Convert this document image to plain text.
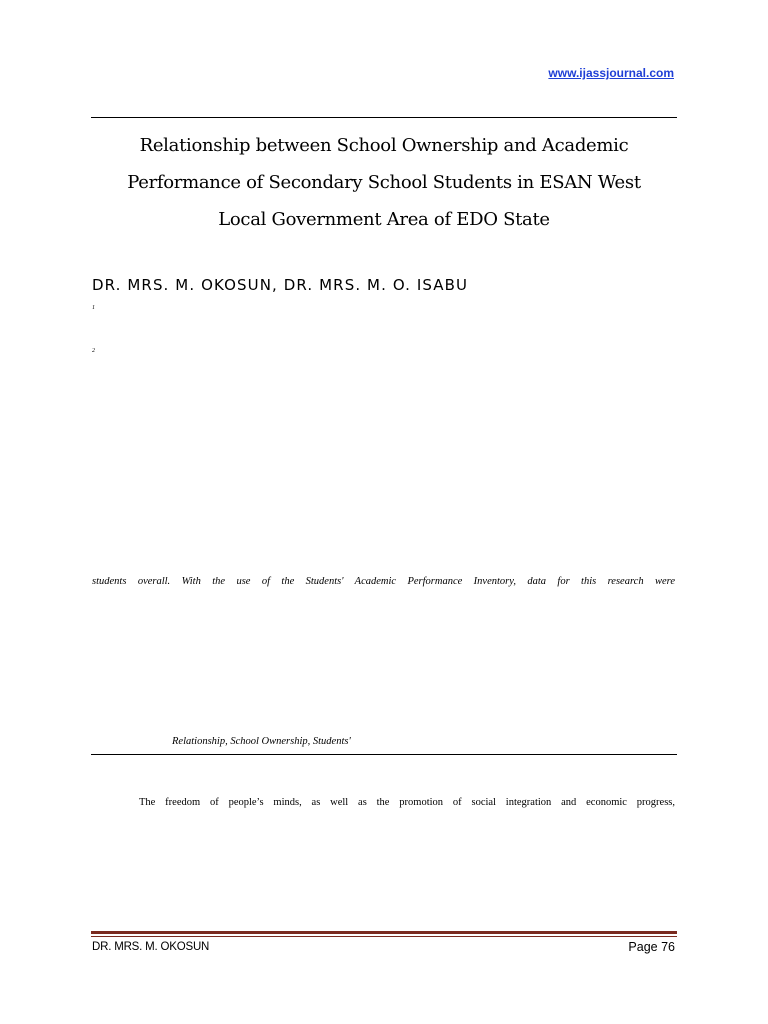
www.ijassjournal.com
Relationship between School Ownership and Academic
Performance of Secondary School Students in ESAN West
Local Government Area of EDO State
DR. MRS. M. OKOSUN, DR. MRS. M. O. ISABU
1
2
students overall. With the use of the Students' Academic Performance Inventory, data for this research were
Relationship, School Ownership, Students'
The freedom of people’s minds, as well as the promotion of social integration and economic progress,
DR. MRS. M. OKOSUN	Page 76
